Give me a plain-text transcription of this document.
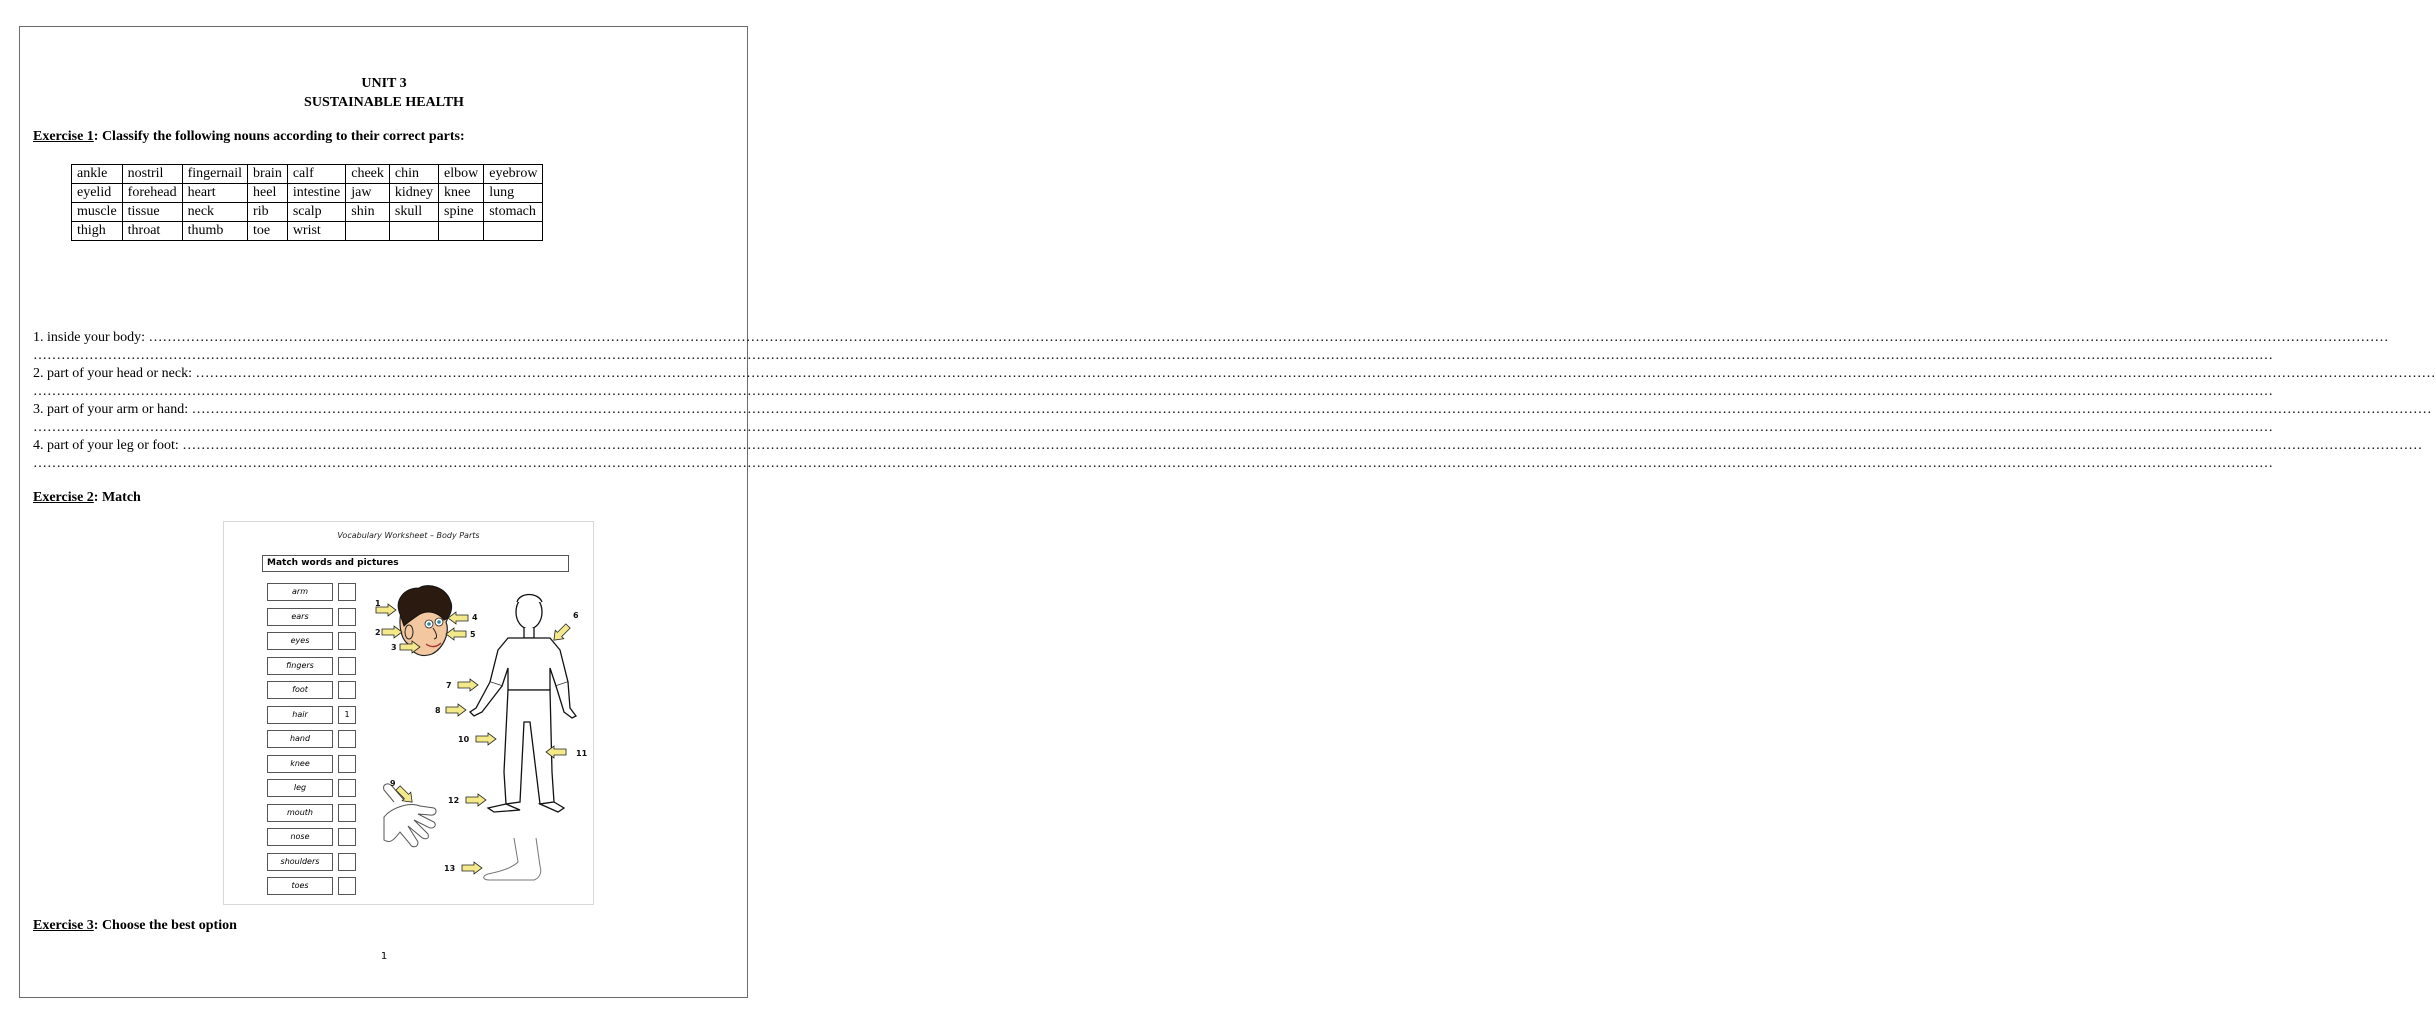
UNIT 3
SUSTAINABLE HEALTH
Exercise 1: Classify the following nouns according to their correct parts:
ankle	nostril	fingernail	brain	calf	cheek	chin	elbow	eyebrow
eyelid	forehead	heart	heel	intestine	jaw	kidney	knee	lung
muscle	tissue	neck	rib	scalp	shin	skull	spine	stomach
thigh	throat	thumb	toe	wrist				
1. inside your body: …………………………………………………………………………………………………………………………………………………………………………………………………………………………………………………………………………………………………………………………………………………………………………………………………………………………………………
…………………………………………………………………………………………………………………………………………………………………………………………………………………………………………………………………………………………………………………………………………………………………………………………………………………………………………
2. part of your head or neck: …………………………………………………………………………………………………………………………………………………………………………………………………………………………………………………………………………………………………………………………………………………………………………………………………………………………………………
…………………………………………………………………………………………………………………………………………………………………………………………………………………………………………………………………………………………………………………………………………………………………………………………………………………………………………
3. part of your arm or hand: …………………………………………………………………………………………………………………………………………………………………………………………………………………………………………………………………………………………………………………………………………………………………………………………………………………………………………
…………………………………………………………………………………………………………………………………………………………………………………………………………………………………………………………………………………………………………………………………………………………………………………………………………………………………………
4. part of your leg or foot: …………………………………………………………………………………………………………………………………………………………………………………………………………………………………………………………………………………………………………………………………………………………………………………………………………………………………………
…………………………………………………………………………………………………………………………………………………………………………………………………………………………………………………………………………………………………………………………………………………………………………………………………………………………………………
Exercise 2: Match
Vocabulary Worksheet – Body Parts
Match words and pictures
arm
ears
eyes
fingers
foot
hair	1
hand
knee
leg
mouth
nose
shoulders
toes
1
2
3
4
5
6
7
8
9
10
11
12
13
Exercise 3: Choose the best option
1
